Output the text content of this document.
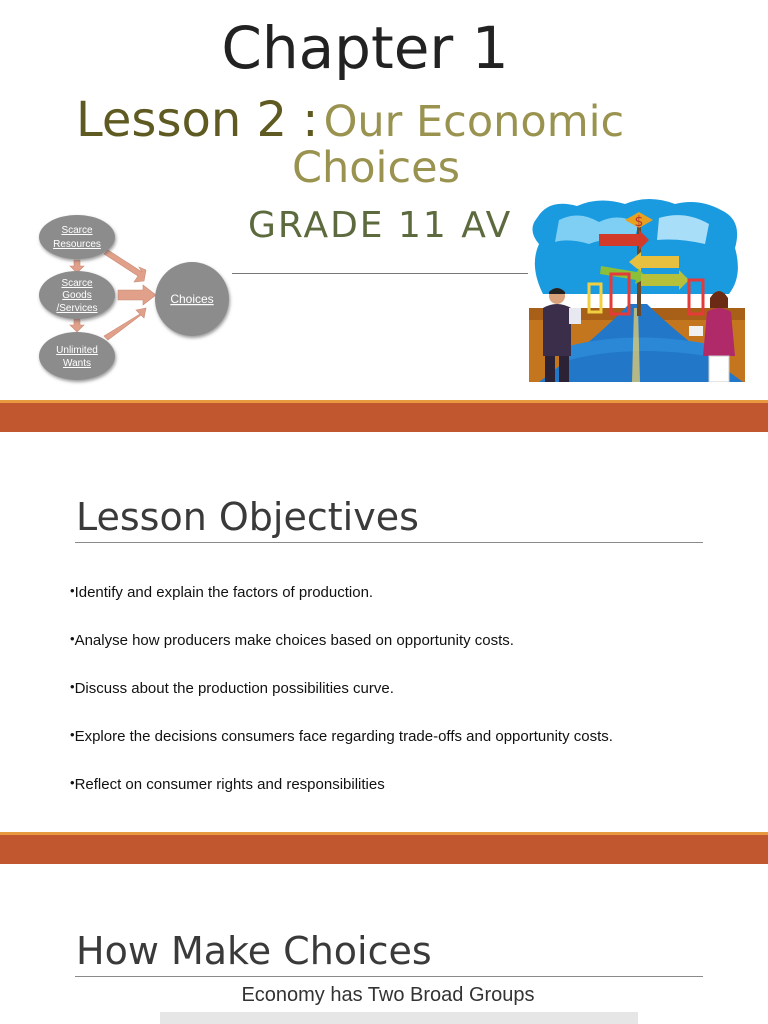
Chapter 1
Lesson 2 : Our Economic
Choices
GRADE 11 AV
Scarce
Resources
Scarce
Goods
/Services
Unlimited
Wants
Choices
$
Lesson Objectives
• Identify and explain the factors of production.
• Analyse how producers make choices based on opportunity costs.
• Discuss about the production possibilities curve.
• Explore the decisions consumers face regarding trade-offs and opportunity costs.
• Reflect on consumer rights and responsibilities
How Make Choices
Economy has Two Broad Groups
